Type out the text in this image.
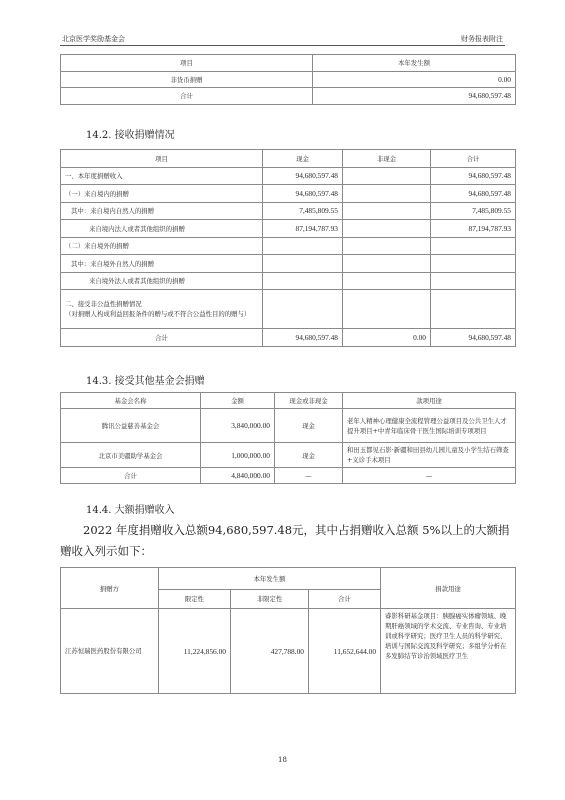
北京医学奖励基金会	财务报表附注
项目	本年发生额
非货币捐赠	0.00
合计	94,680,597.48
14.2. 接收捐赠情况
项目	现金	非现金	合计
一、本年度捐赠收入	94,680,597.48		94,680,597.48
（一）来自境内的捐赠	94,680,597.48		94,680,597.48
其中：来自境内自然人的捐赠	7,485,809.55		7,485,809.55
来自境内法人或者其他组织的捐赠	87,194,787.93		87,194,787.93
（二）来自境外的捐赠			
其中：来自境外自然人的捐赠			
来自境外法人或者其他组织的捐赠			
二、接受非公益性捐赠情况
（对捐赠人构成利益回报条件的赠与或不符合公益性目的的赠与）			
合计	94,680,597.48	0.00	94,680,597.48
14.3. 接受其他基金会捐赠
基金会名称	金额	现金或非现金	款项用途
腾讯公益慈善基金会	3,840,000.00	现金	老年人精神心理健康全流程管理公益项目及公共卫生人才提升项目+中青年临床骨干医生国际培训专项项目
北京市美疆助学基金会	1,000,000.00	现金	和田玉都见石影·新疆和田县幼儿园儿童及小学生结石筛查+义诊手术项目
合计	4,840,000.00	—	—
14.4. 大额捐赠收入
2022 年度捐赠收入总额94,680,597.48元，其中占捐赠收入总额 5%以上的大额捐赠收入列示如下：
捐赠方	本年发生额			捐款用途
	限定性	非限定性	合计	
江苏恒瑞医药股份有限公司	11,224,856.00	427,788.00	11,652,644.00	睿影科研基金项目：胰腺癌实体瘤领域、晚期肝癌领域的学术交流、专业咨询、专业培训或科学研究；医疗卫生人员的科学研究、培训与国际交流及科学研究；多组学分析在多发肺结节诊治领域医疗卫生
18
